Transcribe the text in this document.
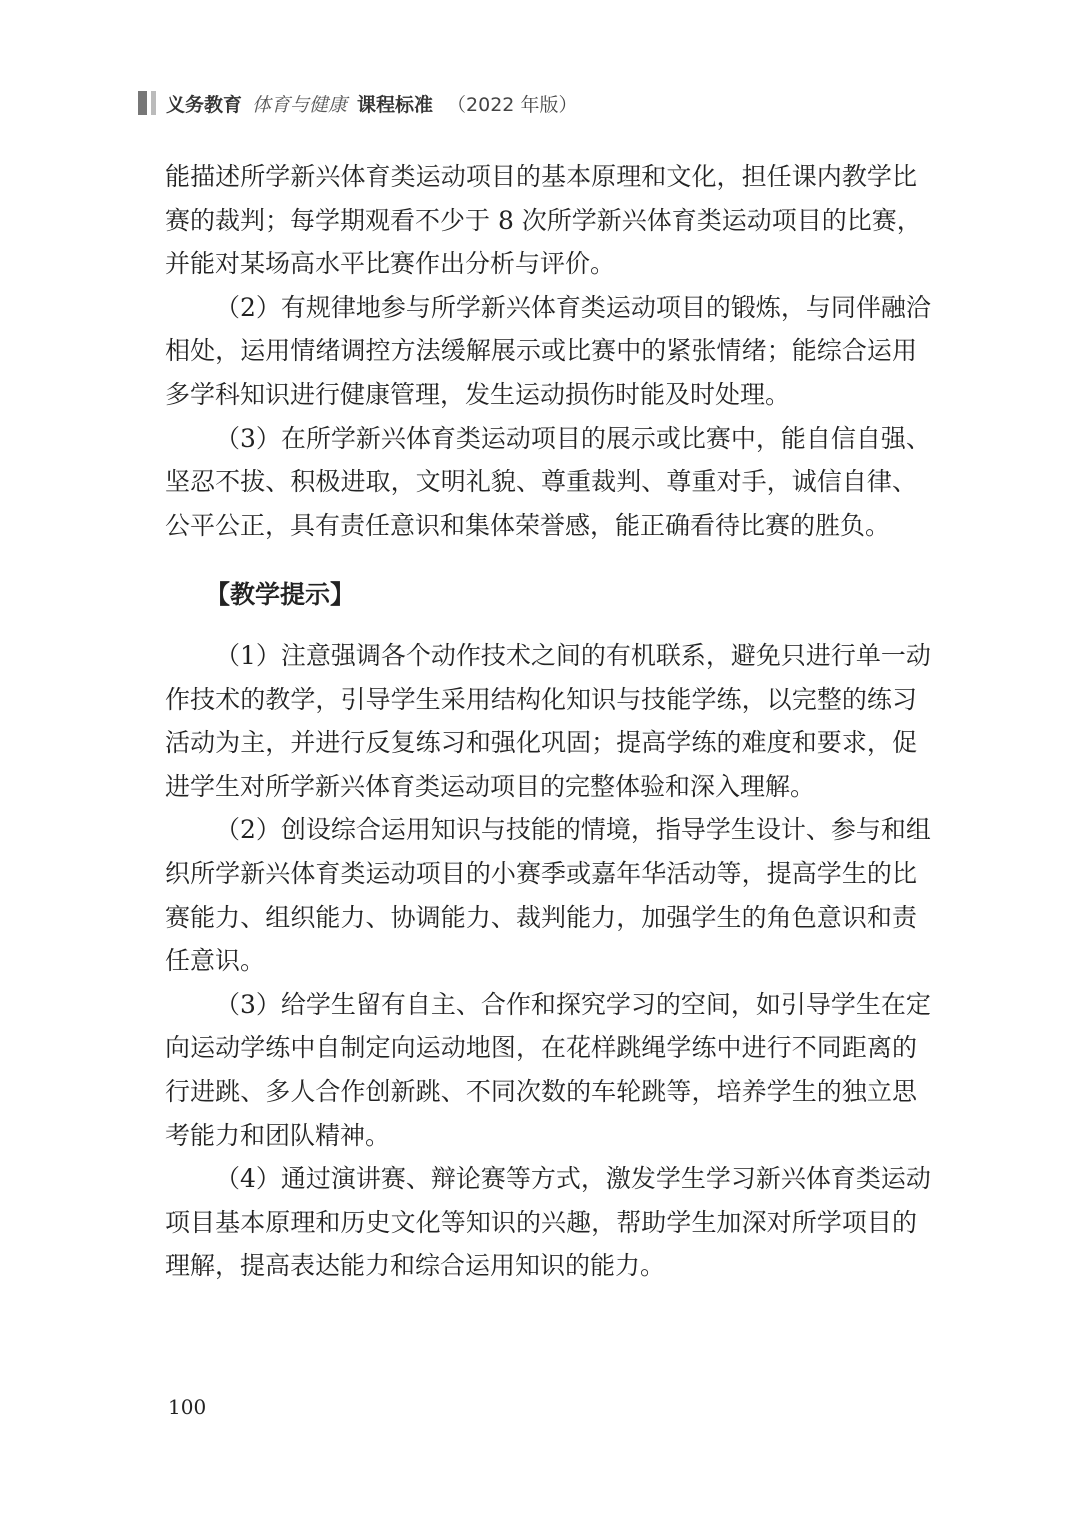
义务教育 体育与健康 课程标准 （2022 年版）
能描述所学新兴体育类运动项目的基本原理和文化，担任课内教学比
赛的裁判；每学期观看不少于 8 次所学新兴体育类运动项目的比赛，
并能对某场高水平比赛作出分析与评价。
（2）有规律地参与所学新兴体育类运动项目的锻炼，与同伴融洽
相处，运用情绪调控方法缓解展示或比赛中的紧张情绪；能综合运用
多学科知识进行健康管理，发生运动损伤时能及时处理。
（3）在所学新兴体育类运动项目的展示或比赛中，能自信自强、
坚忍不拔、积极进取，文明礼貌、尊重裁判、尊重对手，诚信自律、
公平公正，具有责任意识和集体荣誉感，能正确看待比赛的胜负。
（1）注意强调各个动作技术之间的有机联系，避免只进行单一动
作技术的教学，引导学生采用结构化知识与技能学练，以完整的练习
活动为主，并进行反复练习和强化巩固；提高学练的难度和要求，促
进学生对所学新兴体育类运动项目的完整体验和深入理解。
（2）创设综合运用知识与技能的情境，指导学生设计、参与和组
织所学新兴体育类运动项目的小赛季或嘉年华活动等，提高学生的比
赛能力、组织能力、协调能力、裁判能力，加强学生的角色意识和责
任意识。
（3）给学生留有自主、合作和探究学习的空间，如引导学生在定
向运动学练中自制定向运动地图，在花样跳绳学练中进行不同距离的
行进跳、多人合作创新跳、不同次数的车轮跳等，培养学生的独立思
考能力和团队精神。
（4）通过演讲赛、辩论赛等方式，激发学生学习新兴体育类运动
项目基本原理和历史文化等知识的兴趣，帮助学生加深对所学项目的
理解，提高表达能力和综合运用知识的能力。
【教学提示】
100
